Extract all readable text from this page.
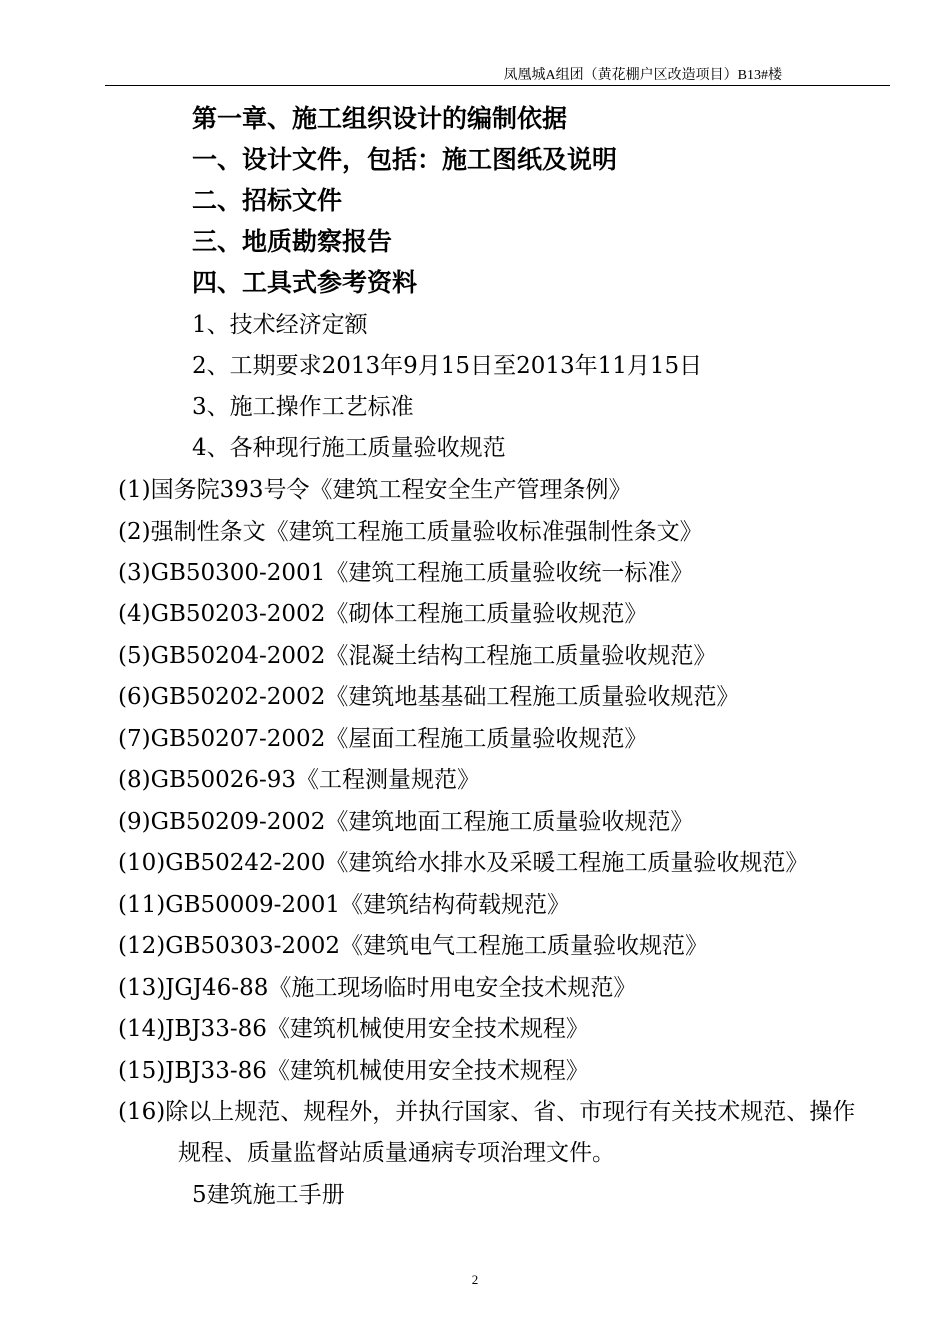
凤凰城A组团（黄花棚户区改造项目）B13#楼
第一章、施工组织设计的编制依据
一、设计文件，包括：施工图纸及说明
二、招标文件
三、地质勘察报告
四、工具式参考资料
1、技术经济定额
2、工期要求2013年9月15日至2013年11月15日
3、施工操作工艺标准
4、各种现行施工质量验收规范
(1)国务院393号令《建筑工程安全生产管理条例》
(2)强制性条文《建筑工程施工质量验收标准强制性条文》
(3)GB50300-2001《建筑工程施工质量验收统一标准》
(4)GB50203-2002《砌体工程施工质量验收规范》
(5)GB50204-2002《混凝土结构工程施工质量验收规范》
(6)GB50202-2002《建筑地基基础工程施工质量验收规范》
(7)GB50207-2002《屋面工程施工质量验收规范》
(8)GB50026-93《工程测量规范》
(9)GB50209-2002《建筑地面工程施工质量验收规范》
(10)GB50242-200《建筑给水排水及采暖工程施工质量验收规范》
(11)GB50009-2001《建筑结构荷载规范》
(12)GB50303-2002《建筑电气工程施工质量验收规范》
(13)JGJ46-88《施工现场临时用电安全技术规范》
(14)JBJ33-86《建筑机械使用安全技术规程》
(15)JBJ33-86《建筑机械使用安全技术规程》
(16)除以上规范、规程外，并执行国家、省、市现行有关技术规范、操作
规程、质量监督站质量通病专项治理文件。
5建筑施工手册
2
